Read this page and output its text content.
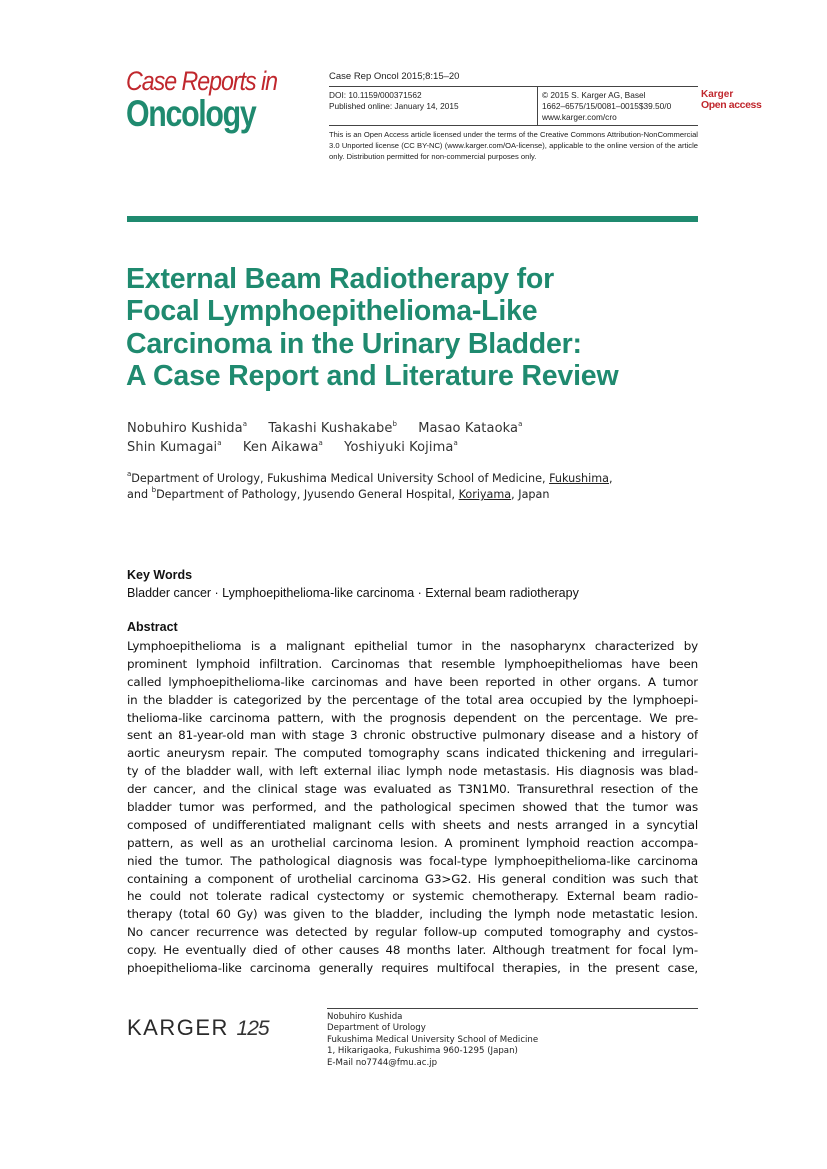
Case Reports in
Oncology
Case Rep Oncol 2015;8:15–20
DOI: 10.1159/000371562
Published online: January 14, 2015
© 2015 S. Karger AG, Basel
1662–6575/15/0081–0015$39.50/0
www.karger.com/cro
Karger
Open access
This is an Open Access article licensed under the terms of the Creative Commons Attribution-NonCommercial 3.0 Unported license (CC BY-NC) (www.karger.com/OA-license), applicable to the online version of the article only. Distribution permitted for non-commercial purposes only.
External Beam Radiotherapy for
Focal Lymphoepithelioma-Like
Carcinoma in the Urinary Bladder:
A Case Report and Literature Review
Nobuhiro Kushida$^a$ Takashi Kushakabe$^b$ Masao Kataoka$^a$
Shin Kumagai$^a$ Ken Aikawa$^a$ Yoshiyuki Kojima$^a$
$^a$Department of Urology, Fukushima Medical University School of Medicine, Fukushima,
and $^b$Department of Pathology, Jyusendo General Hospital, Koriyama, Japan
Key Words
Bladder cancer · Lymphoepithelioma-like carcinoma · External beam radiotherapy
Abstract
Lymphoepithelioma is a malignant epithelial tumor in the nasopharynx characterized by
prominent lymphoid infiltration. Carcinomas that resemble lymphoepitheliomas have been
called lymphoepithelioma-like carcinomas and have been reported in other organs. A tumor
in the bladder is categorized by the percentage of the total area occupied by the lymphoepi-
thelioma-like carcinoma pattern, with the prognosis dependent on the percentage. We pre-
sent an 81-year-old man with stage 3 chronic obstructive pulmonary disease and a history of
aortic aneurysm repair. The computed tomography scans indicated thickening and irregulari-
ty of the bladder wall, with left external iliac lymph node metastasis. His diagnosis was blad-
der cancer, and the clinical stage was evaluated as T3N1M0. Transurethral resection of the
bladder tumor was performed, and the pathological specimen showed that the tumor was
composed of undifferentiated malignant cells with sheets and nests arranged in a syncytial
pattern, as well as an urothelial carcinoma lesion. A prominent lymphoid reaction accompa-
nied the tumor. The pathological diagnosis was focal-type lymphoepithelioma-like carcinoma
containing a component of urothelial carcinoma G3>G2. His general condition was such that
he could not tolerate radical cystectomy or systemic chemotherapy. External beam radio-
therapy (total 60 Gy) was given to the bladder, including the lymph node metastatic lesion.
No cancer recurrence was detected by regular follow-up computed tomography and cystos-
copy. He eventually died of other causes 48 months later. Although treatment for focal lym-
phoepithelioma-like carcinoma generally requires multifocal therapies, in the present case,
KARGER 125	Nobuhiro Kushida
Department of Urology
Fukushima Medical University School of Medicine
1, Hikarigaoka, Fukushima 960-1295 (Japan)
E-Mail no7744@fmu.ac.jp
